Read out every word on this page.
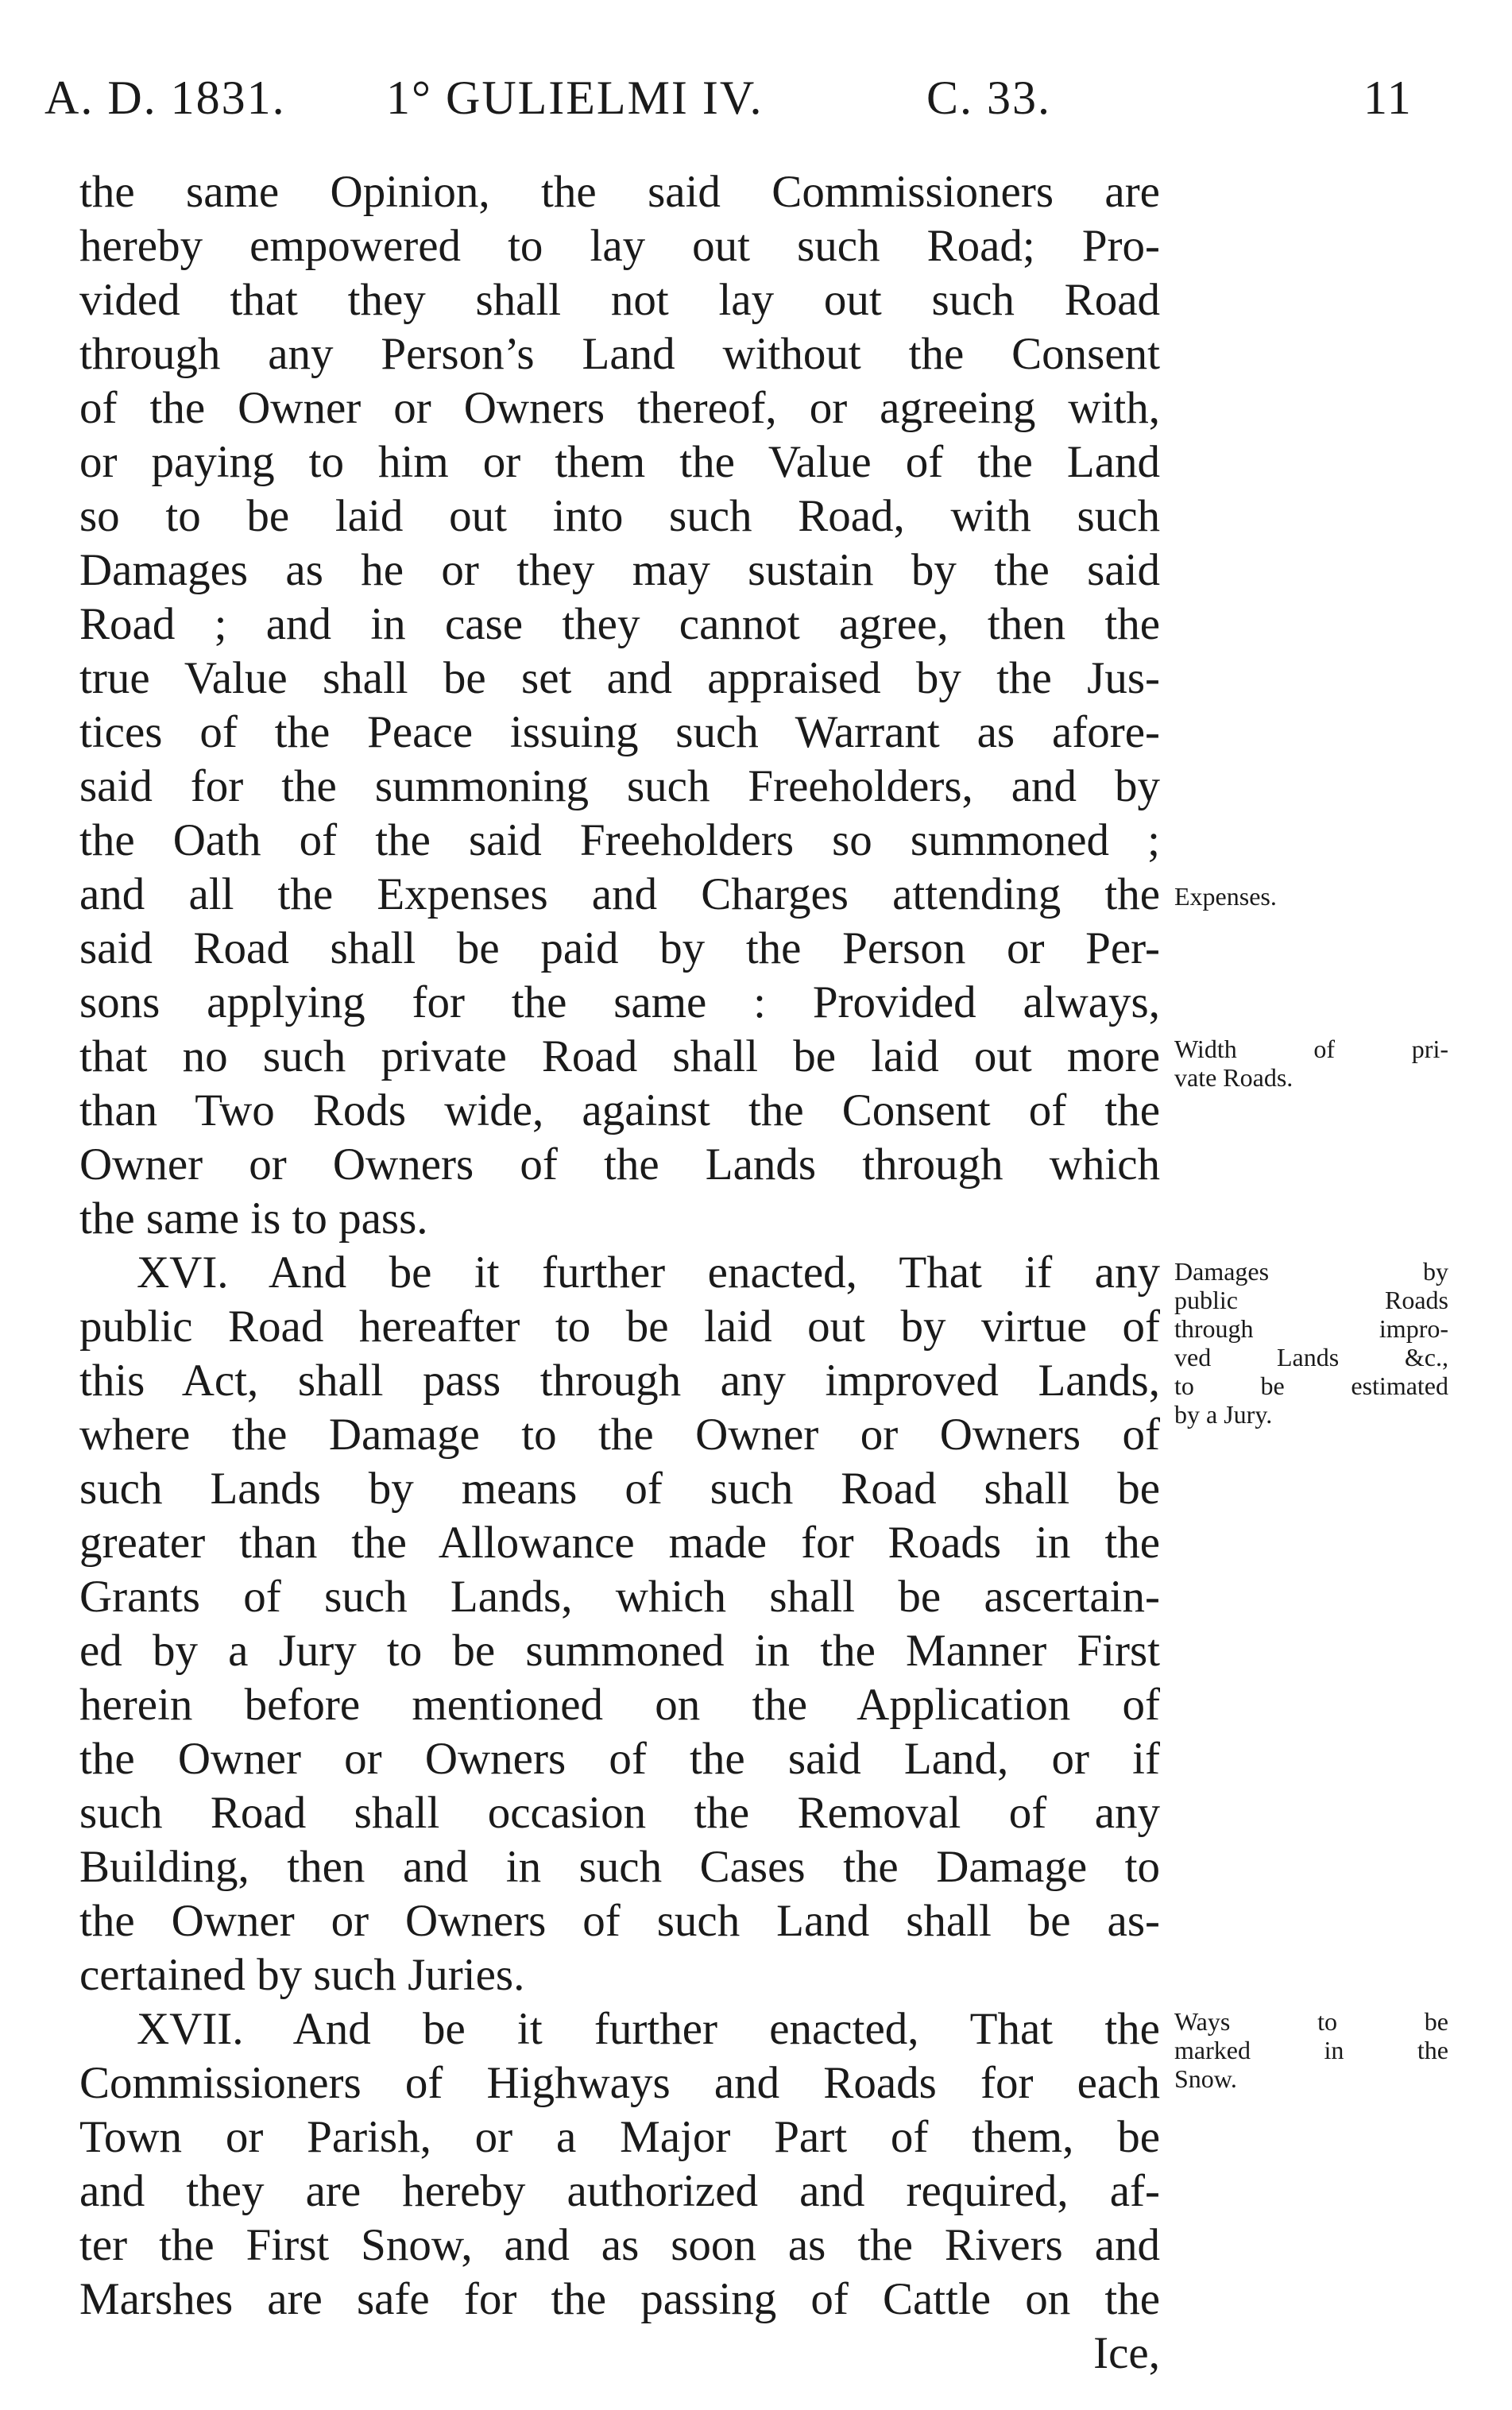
A. D. 1831. 1° GULIELMI IV.	C. 33.	11
the same Opinion, the said Commissioners are
hereby empowered to lay out such Road; Pro-
vided that they shall not lay out such Road
through any Person’s Land without the Consent
of the Owner or Owners thereof, or agreeing with,
or paying to him or them the Value of the Land
so to be laid out into such Road, with such
Damages as he or they may sustain by the said
Road ; and in case they cannot agree, then the
true Value shall be set and appraised by the Jus-
tices of the Peace issuing such Warrant as afore-
said for the summoning such Freeholders, and by
the Oath of the said Freeholders so summoned ;
and all the Expenses and Charges attending the
said Road shall be paid by the Person or Per-
sons applying for the same : Provided always,
that no such private Road shall be laid out more
than Two Rods wide, against the Consent of the
Owner or Owners of the Lands through which
the same is to pass.
XVI. And be it further enacted, That if any
public Road hereafter to be laid out by virtue of
this Act, shall pass through any improved Lands,
where the Damage to the Owner or Owners of
such Lands by means of such Road shall be
greater than the Allowance made for Roads in the
Grants of such Lands, which shall be ascertain-
ed by a Jury to be summoned in the Manner First
herein before mentioned on the Application of
the Owner or Owners of the said Land, or if
such Road shall occasion the Removal of any
Building, then and in such Cases the Damage to
the Owner or Owners of such Land shall be as-
certained by such Juries.
XVII. And be it further enacted, That the
Commissioners of Highways and Roads for each
Town or Parish, or a Major Part of them, be
and they are hereby authorized and required, af-
ter the First Snow, and as soon as the Rivers and
Marshes are safe for the passing of Cattle on the
Ice,
Expenses.
Width of pri-
vate Roads.
Damages by
public Roads
through impro-
ved Lands &c.,
to be estimated
by a Jury.
Ways to be
marked in the
Snow.
